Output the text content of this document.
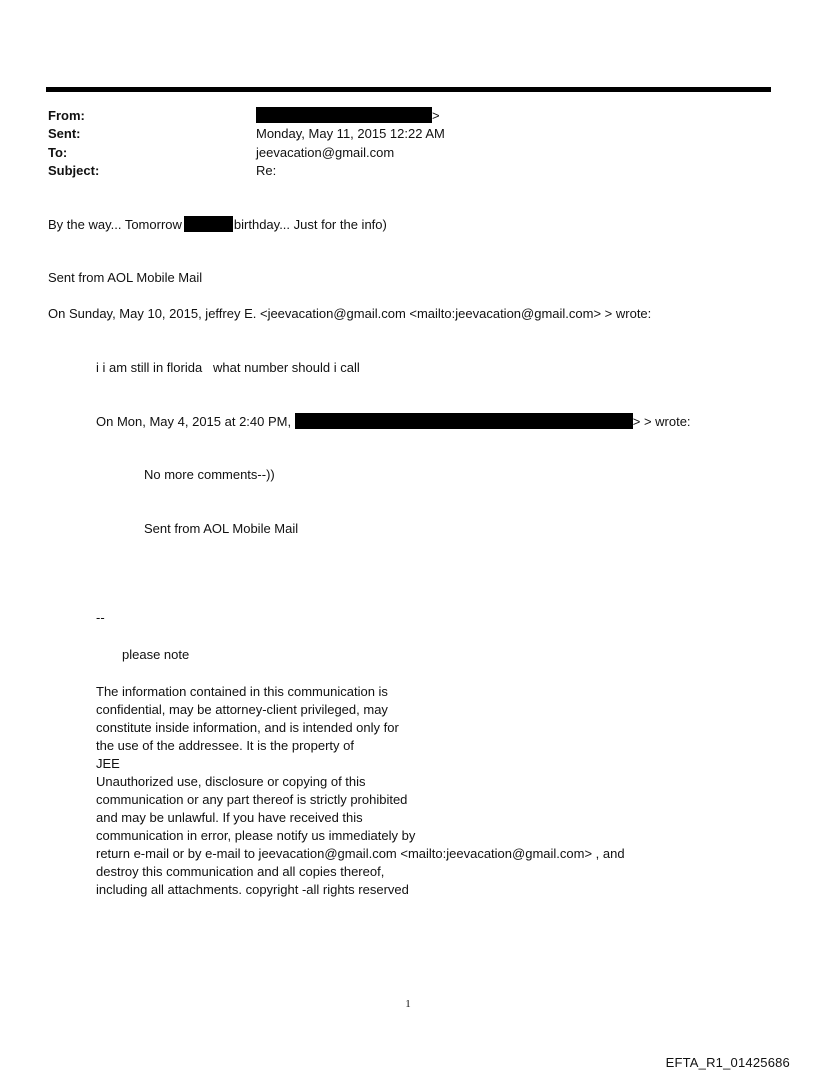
From:	>
Sent:	Monday, May 11, 2015 12:22 AM
To:	jeevacation@gmail.com
Subject:	Re:
By the way... Tomorrow	birthday... Just for the info)
Sent from AOL Mobile Mail
On Sunday, May 10, 2015, jeffrey E. <jeevacation@gmail.com <mailto:jeevacation@gmail.com> > wrote:
i i am still in florida   what number should i call
On Mon, May 4, 2015 at 2:40 PM,	> > wrote:
No more comments--))
Sent from AOL Mobile Mail
--
please note
The information contained in this communication is
confidential, may be attorney-client privileged, may
constitute inside information, and is intended only for
the use of the addressee. It is the property of
JEE
Unauthorized use, disclosure or copying of this
communication or any part thereof is strictly prohibited
and may be unlawful. If you have received this
communication in error, please notify us immediately by
return e-mail or by e-mail to jeevacation@gmail.com <mailto:jeevacation@gmail.com> , and
destroy this communication and all copies thereof,
including all attachments. copyright -all rights reserved
1
EFTA_R1_01425686
